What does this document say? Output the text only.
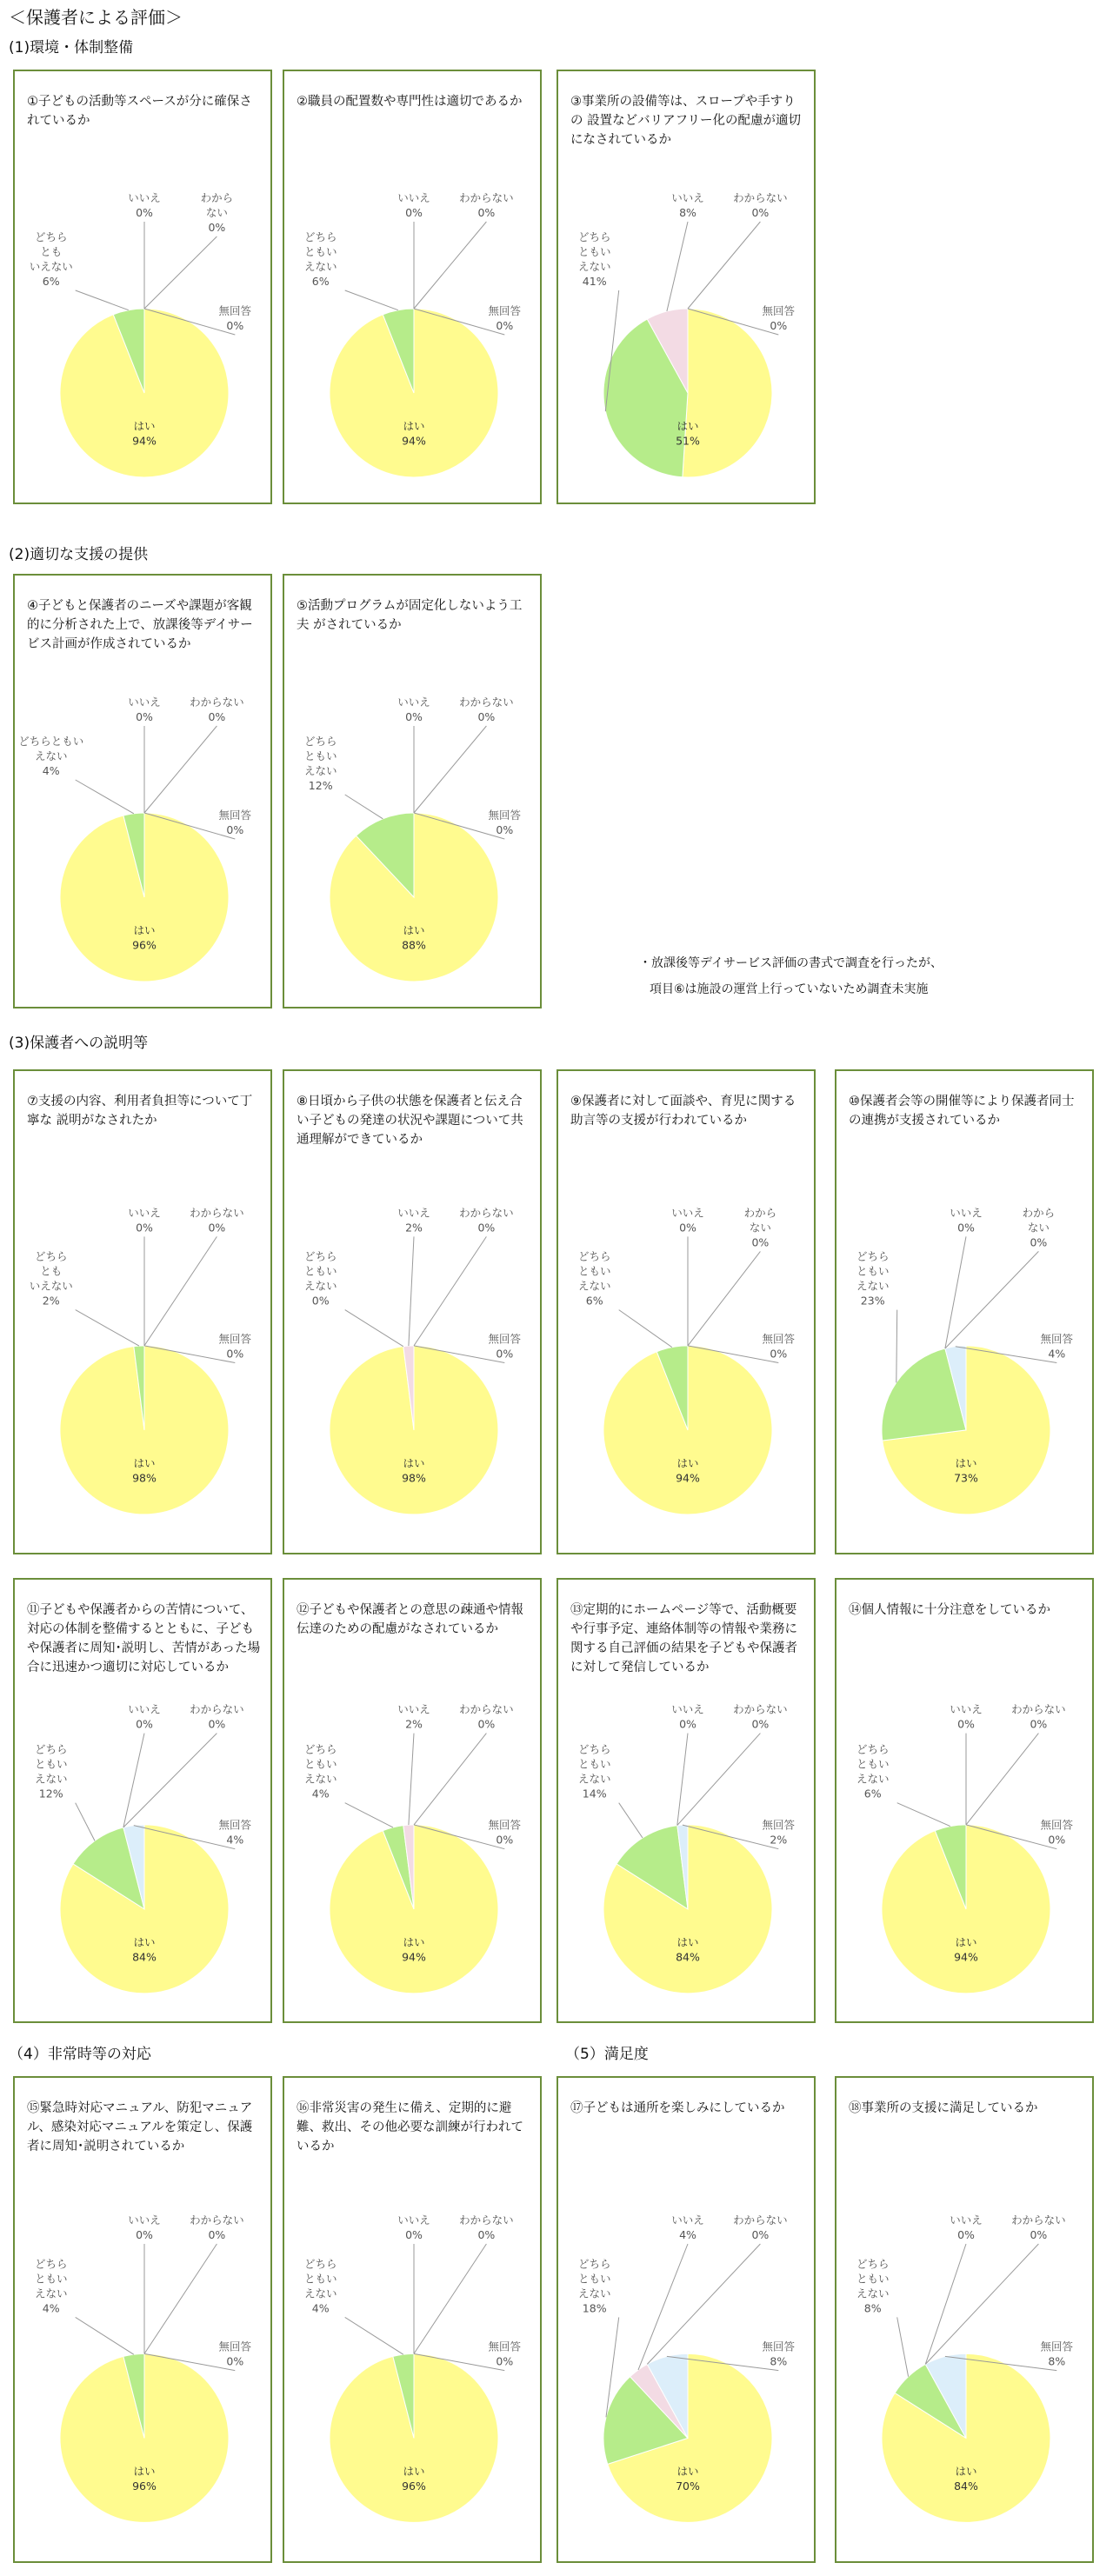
＜保護者による評価＞
(1)環境・体制整備
(2)適切な支援の提供
(3)保護者への説明等
（4）非常時等の対応	（5）満足度
・放課後等デイサービス評価の書式で調査を行ったが、
項目⑥は施設の運営上行っていないため調査未実施
①子どもの活動等スペースが分に確保されているか
はい 94%
どちらともいえない 6%
いいえ 0%
わからない 0%
無回答 0%
②職員の配置数や専門性は適切であるか
はい 94%
どちらともいえない 6%
いいえ 0%
わからない 0%
無回答 0%
③事業所の設備等は、スロープや手すりの 設置などバリアフリー化の配慮が適切になされているか
はい 51%
どちらともいえない 41%
いいえ 8%
わからない 0%
無回答 0%
④子どもと保護者のニーズや課題が客観的に分析された上で、放課後等デイサービス計画が作成されているか
はい 96%
どちらともいえない 4%
いいえ 0%
わからない 0%
無回答 0%
⑤活動プログラムが固定化しないよう工夫 がされているか
はい 88%
どちらともいえない 12%
いいえ 0%
わからない 0%
無回答 0%
⑦支援の内容、利用者負担等について丁寧な 説明がなされたか
はい 98%
どちらともいえない 2%
いいえ 0%
わからない 0%
無回答 0%
⑧日頃から子供の状態を保護者と伝え合い子どもの発達の状況や課題について共通理解ができているか
はい 98%
どちらともいえない 0%
いいえ 2%
わからない 0%
無回答 0%
⑨保護者に対して面談や、育児に関する助言等の支援が行われているか
はい 94%
どちらともいえない 6%
いいえ 0%
わからない 0%
無回答 0%
⑩保護者会等の開催等により保護者同士の連携が支援されているか
はい 73%
どちらともいえない 23%
いいえ 0%
わからない 0%
無回答 4%
⑪子どもや保護者からの苦情について、対応の体制を整備するとともに、子どもや保護者に周知･説明し、苦情があった場合に迅速かつ適切に対応しているか
はい 84%
どちらともいえない 12%
いいえ 0%
わからない 0%
無回答 4%
⑫子どもや保護者との意思の疎通や情報伝達のための配慮がなされているか
はい 94%
どちらともいえない 4%
いいえ 2%
わからない 0%
無回答 0%
⑬定期的にホームページ等で、活動概要や行事予定、連絡体制等の情報や業務に関する自己評価の結果を子どもや保護者に対して発信しているか
はい 84%
どちらともいえない 14%
いいえ 0%
わからない 0%
無回答 2%
⑭個人情報に十分注意をしているか
はい 94%
どちらともいえない 6%
いいえ 0%
わからない 0%
無回答 0%
⑮緊急時対応マニュアル、防犯マニュアル、感染対応マニュアルを策定し、保護者に周知･説明されているか
はい 96%
どちらともいえない 4%
いいえ 0%
わからない 0%
無回答 0%
⑯非常災害の発生に備え、定期的に避難、救出、その他必要な訓練が行われているか
はい 96%
どちらともいえない 4%
いいえ 0%
わからない 0%
無回答 0%
⑰子どもは通所を楽しみにしているか
はい 70%
どちらともいえない 18%
いいえ 4%
わからない 0%
無回答 8%
⑱事業所の支援に満足しているか
はい 84%
どちらともいえない 8%
いいえ 0%
わからない 0%
無回答 8%
